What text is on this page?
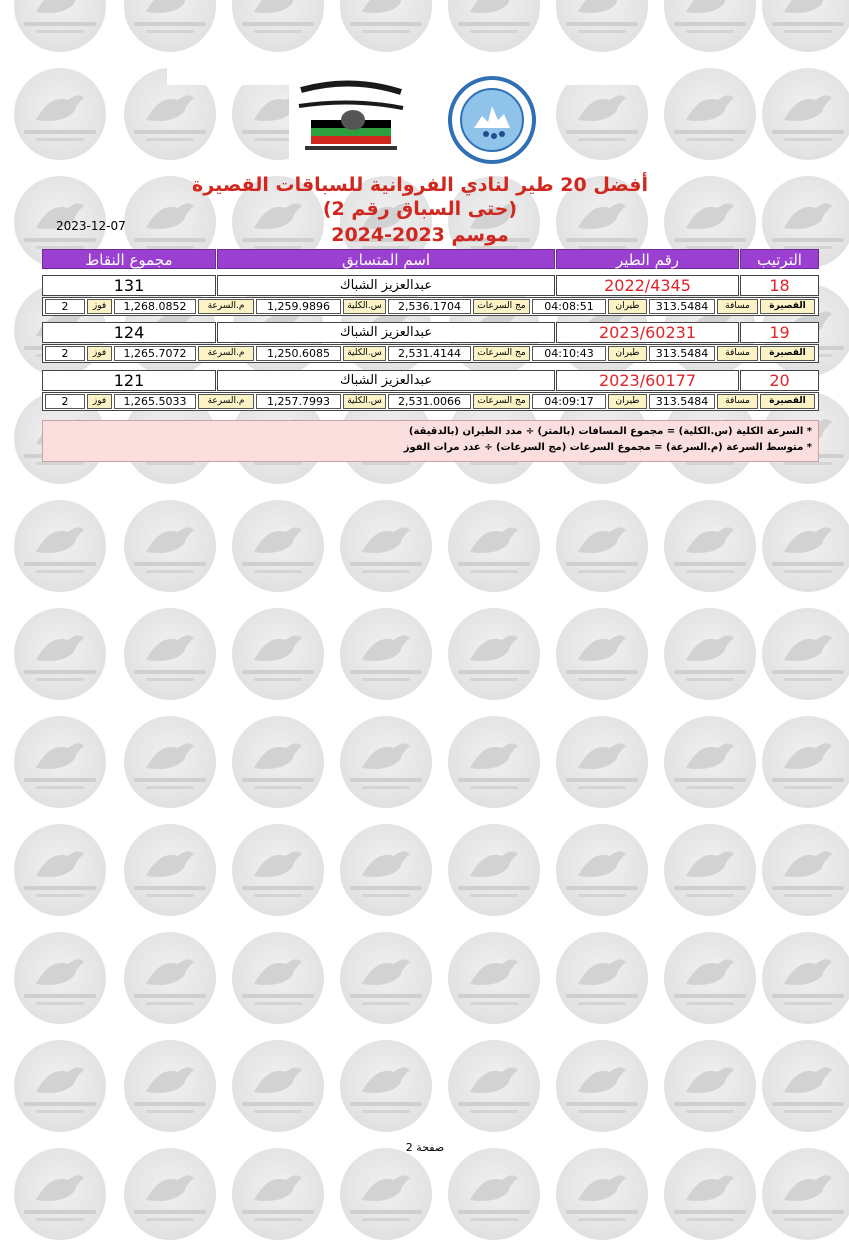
أفضل 20 طير لنادي الفروانية للسباقات القصيرة
(حتى السباق رقم 2)
موسم 2023-2024
2023-12-07
الترتيب
رقم الطير
اسم المتسابق
مجموع النقاط
18
2022/4345
عبدالعزيز الشباك
131
القصيرة
مسافة
313.5484
طيران
04:08:51
مج السرعات
2,536.1704
س.الكلية
1,259.9896
م.السرعة
1,268.0852
فوز
2
19
2023/60231
عبدالعزيز الشباك
124
القصيرة
مسافة
313.5484
طيران
04:10:43
مج السرعات
2,531.4144
س.الكلية
1,250.6085
م.السرعة
1,265.7072
فوز
2
20
2023/60177
عبدالعزيز الشباك
121
القصيرة
مسافة
313.5484
طيران
04:09:17
مج السرعات
2,531.0066
س.الكلية
1,257.7993
م.السرعة
1,265.5033
فوز
2
* السرعة الكلية (س.الكلية) = مجموع المسافات (بالمتر) ÷ مدد الطيران (بالدقيقة)
* متوسط السرعة (م.السرعة) = مجموع السرعات (مج السرعات) ÷ عدد مرات الفوز
صفحة 2
